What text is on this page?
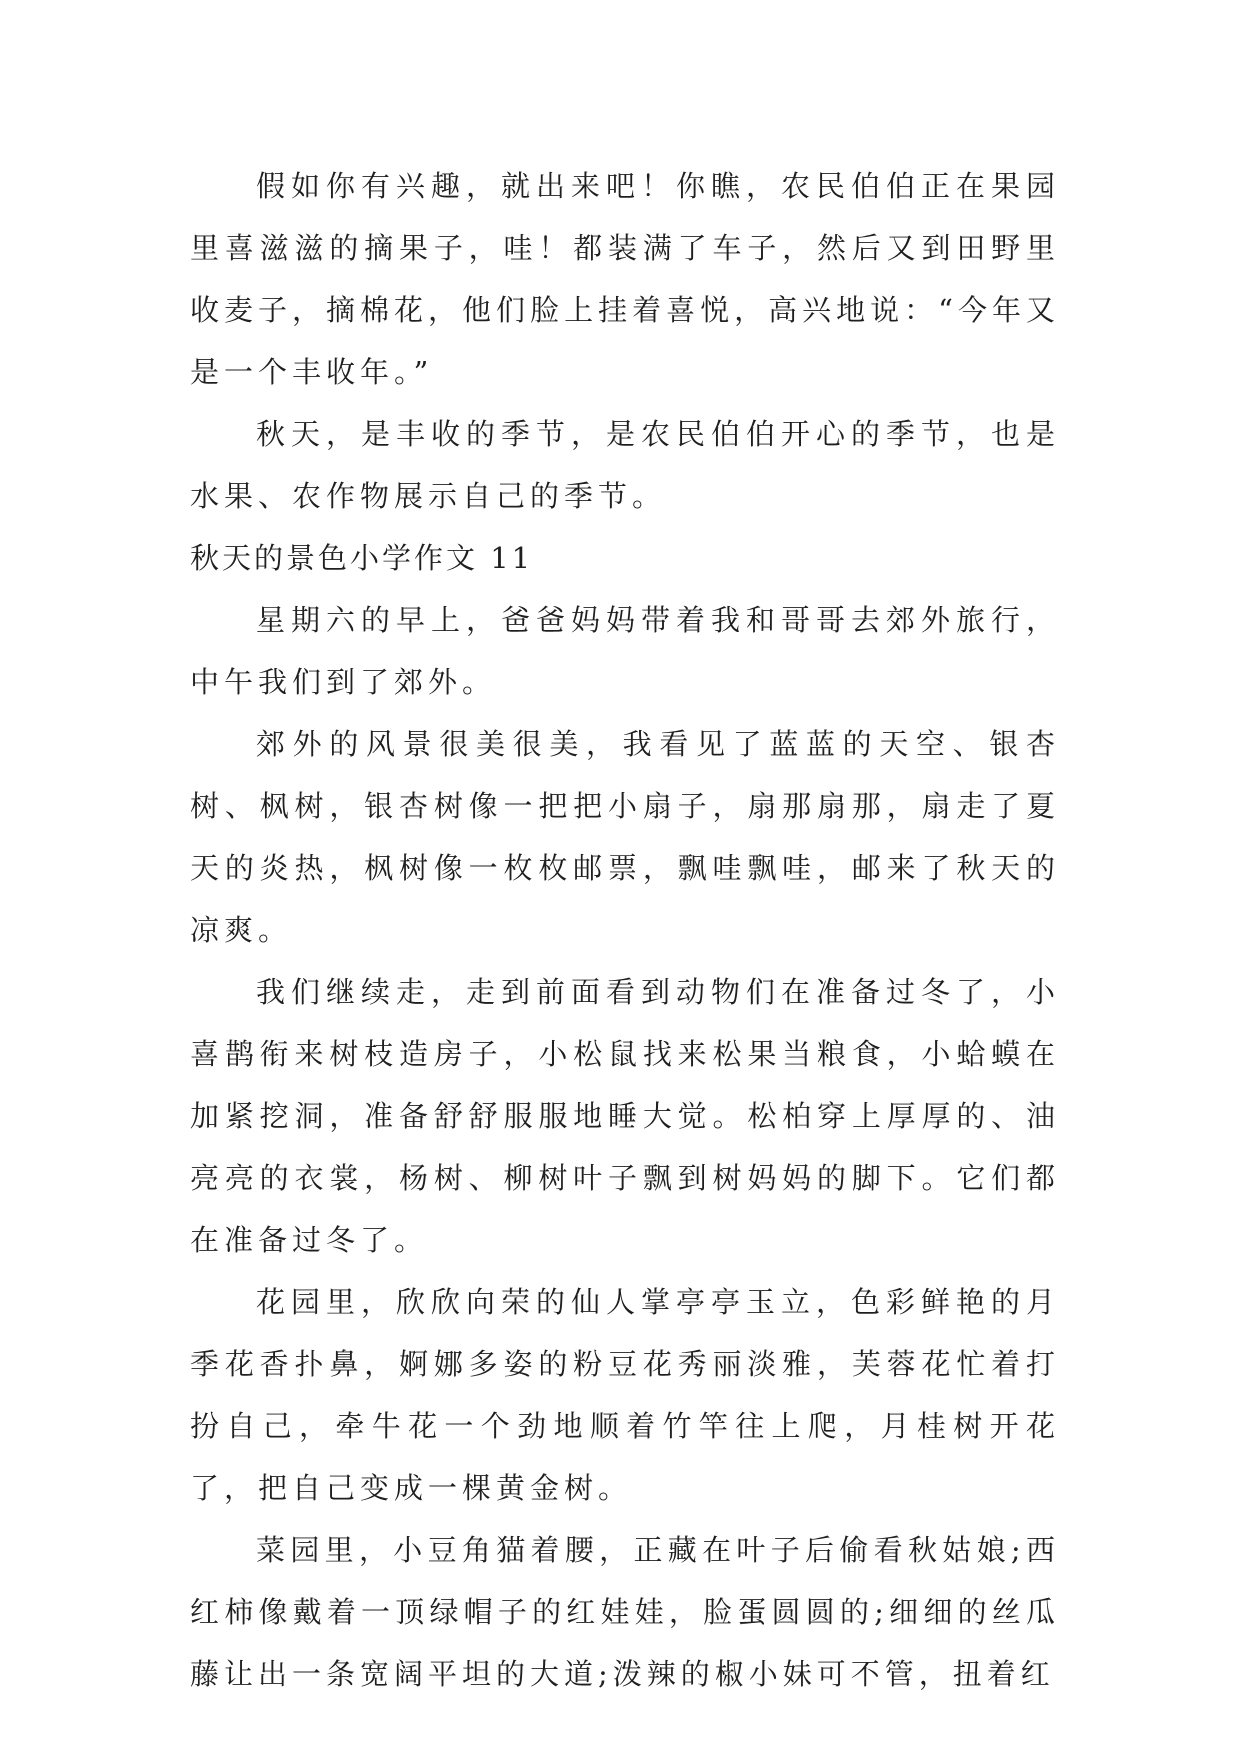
假如你有兴趣，就出来吧！你瞧，农民伯伯正在果园里喜滋滋的摘果子，哇！都装满了车子，然后又到田野里收麦子，摘棉花，他们脸上挂着喜悦，高兴地说：“今年又是一个丰收年。”

秋天，是丰收的季节，是农民伯伯开心的季节，也是水果、农作物展示自己的季节。

秋天的景色小学作文 11

星期六的早上，爸爸妈妈带着我和哥哥去郊外旅行，中午我们到了郊外。

郊外的风景很美很美，我看见了蓝蓝的天空、银杏树、枫树，银杏树像一把把小扇子，扇那扇那，扇走了夏天的炎热，枫树像一枚枚邮票，飘哇飘哇，邮来了秋天的凉爽。

我们继续走，走到前面看到动物们在准备过冬了，小喜鹊衔来树枝造房子，小松鼠找来松果当粮食，小蛤蟆在加紧挖洞，准备舒舒服服地睡大觉。松柏穿上厚厚的、油亮亮的衣裳，杨树、柳树叶子飘到树妈妈的脚下。它们都在准备过冬了。

花园里，欣欣向荣的仙人掌亭亭玉立，色彩鲜艳的月季花香扑鼻，婀娜多姿的粉豆花秀丽淡雅，芙蓉花忙着打扮自己，牵牛花一个劲地顺着竹竿往上爬，月桂树开花了，把自己变成一棵黄金树。

菜园里，小豆角猫着腰，正藏在叶子后偷看秋姑娘;西红柿像戴着一顶绿帽子的红娃娃，脸蛋圆圆的;细细的丝瓜藤让出一条宽阔平坦的大道;泼辣的椒小妹可不管，扭着红
